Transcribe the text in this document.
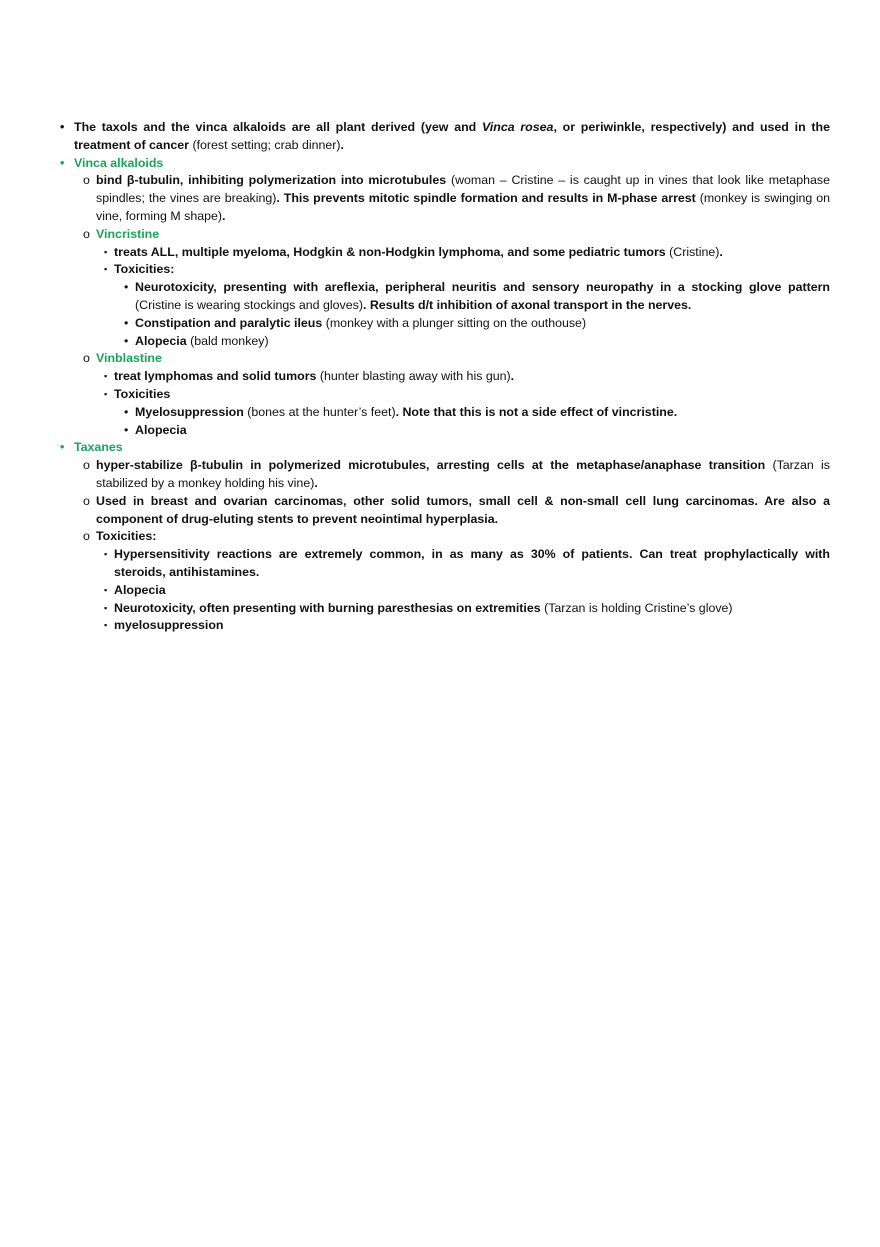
• The taxols and the vinca alkaloids are all plant derived (yew and Vinca rosea, or periwinkle, respectively) and used in the treatment of cancer (forest setting; crab dinner).
• Vinca alkaloids
o bind β-tubulin, inhibiting polymerization into microtubules (woman – Cristine – is caught up in vines that look like metaphase spindles; the vines are breaking). This prevents mitotic spindle formation and results in M-phase arrest (monkey is swinging on vine, forming M shape).
o Vincristine
▪ treats ALL, multiple myeloma, Hodgkin & non-Hodgkin lymphoma, and some pediatric tumors (Cristine).
▪ Toxicities:
• Neurotoxicity, presenting with areflexia, peripheral neuritis and sensory neuropathy in a stocking glove pattern (Cristine is wearing stockings and gloves). Results d/t inhibition of axonal transport in the nerves.
• Constipation and paralytic ileus (monkey with a plunger sitting on the outhouse)
• Alopecia (bald monkey)
o Vinblastine
▪ treat lymphomas and solid tumors (hunter blasting away with his gun).
▪ Toxicities
• Myelosuppression (bones at the hunter’s feet). Note that this is not a side effect of vincristine.
• Alopecia
• Taxanes
o hyper-stabilize β-tubulin in polymerized microtubules, arresting cells at the metaphase/anaphase transition (Tarzan is stabilized by a monkey holding his vine).
o Used in breast and ovarian carcinomas, other solid tumors, small cell & non-small cell lung carcinomas. Are also a component of drug-eluting stents to prevent neointimal hyperplasia.
o Toxicities:
▪ Hypersensitivity reactions are extremely common, in as many as 30% of patients. Can treat prophylactically with steroids, antihistamines.
▪ Alopecia
▪ Neurotoxicity, often presenting with burning paresthesias on extremities (Tarzan is holding Cristine’s glove)
▪ myelosuppression
